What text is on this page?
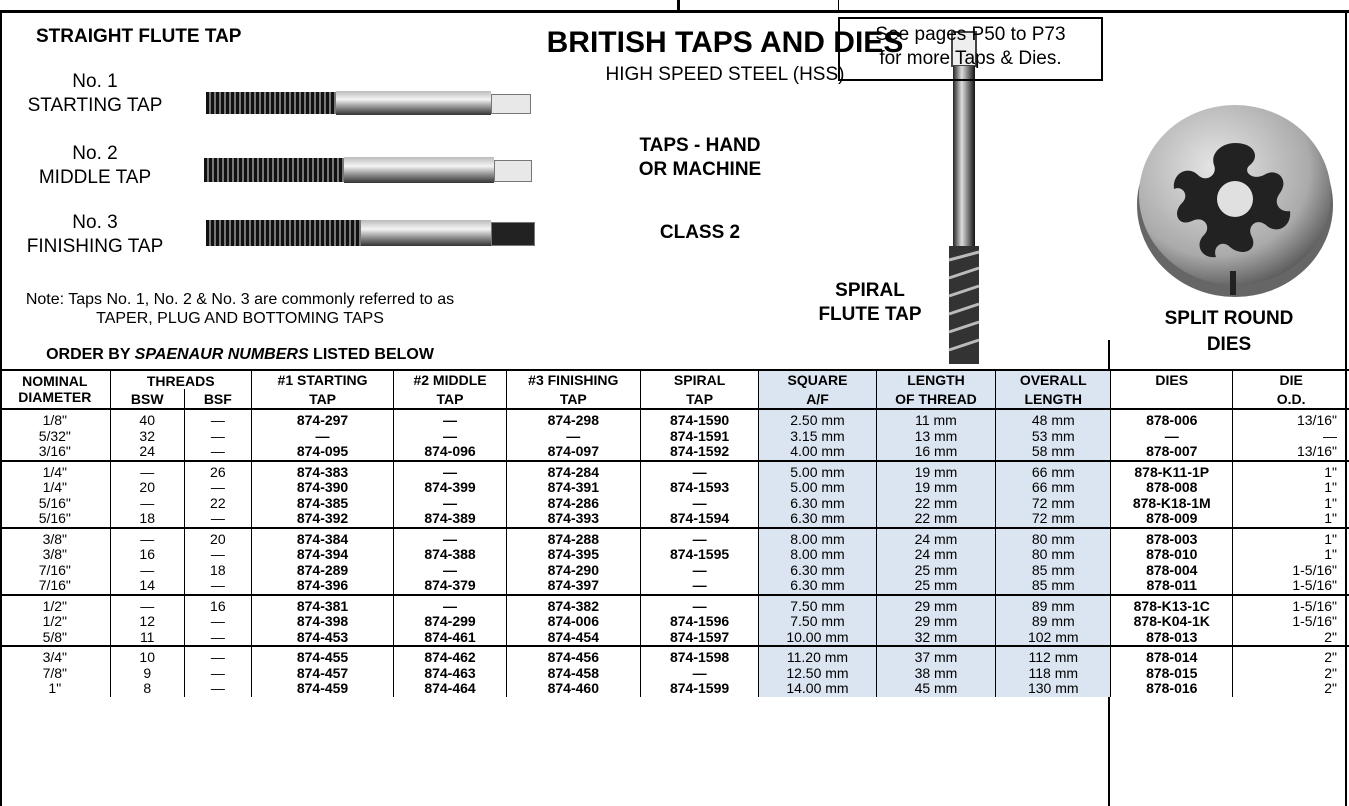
STRAIGHT FLUTE TAP	BRITISH TAPS AND DIES
HIGH SPEED STEEL (HSS)
No. 1
STARTING TAP
No. 2
MIDDLE TAP
No. 3
FINISHING TAP
TAPS - HAND
OR MACHINE
CLASS 2
See pages P50 to P73
for more Taps & Dies.
SPIRAL
FLUTE TAP	SPLIT ROUND
DIES
Note: Taps No. 1, No. 2 & No. 3 are commonly referred to as
TAPER, PLUG AND BOTTOMING TAPS
ORDER BY SPAENAUR NUMBERS LISTED BELOW
NOMINAL	THREADS		#1 STARTING	#2 MIDDLE	#3 FINISHING	SPIRAL	SQUARE	LENGTH	OVERALL	DIES	DIE
DIAMETER	BSW	BSF	TAP	TAP	TAP	TAP	A/F	OF THREAD	LENGTH		O.D.
1/8"	40	—	874-297	—	874-298	874-1590	2.50 mm	11 mm	48 mm	878-006	13/16"
5/32"	32	—	—	—	—	874-1591	3.15 mm	13 mm	53 mm	—	—
3/16"	24	—	874-095	874-096	874-097	874-1592	4.00 mm	16 mm	58 mm	878-007	13/16"
1/4"	—	26	874-383	—	874-284	—	5.00 mm	19 mm	66 mm	878-K11-1P	1"
1/4"	20	—	874-390	874-399	874-391	874-1593	5.00 mm	19 mm	66 mm	878-008	1"
5/16"	—	22	874-385	—	874-286	—	6.30 mm	22 mm	72 mm	878-K18-1M	1"
5/16"	18	—	874-392	874-389	874-393	874-1594	6.30 mm	22 mm	72 mm	878-009	1"
3/8"	—	20	874-384	—	874-288	—	8.00 mm	24 mm	80 mm	878-003	1"
3/8"	16	—	874-394	874-388	874-395	874-1595	8.00 mm	24 mm	80 mm	878-010	1"
7/16"	—	18	874-289	—	874-290	—	6.30 mm	25 mm	85 mm	878-004	1-5/16"
7/16"	14	—	874-396	874-379	874-397	—	6.30 mm	25 mm	85 mm	878-011	1-5/16"
1/2"	—	16	874-381	—	874-382	—	7.50 mm	29 mm	89 mm	878-K13-1C	1-5/16"
1/2"	12	—	874-398	874-299	874-006	874-1596	7.50 mm	29 mm	89 mm	878-K04-1K	1-5/16"
5/8"	11	—	874-453	874-461	874-454	874-1597	10.00 mm	32 mm	102 mm	878-013	2"
3/4"	10	—	874-455	874-462	874-456	874-1598	11.20 mm	37 mm	112 mm	878-014	2"
7/8"	9	—	874-457	874-463	874-458	—	12.50 mm	38 mm	118 mm	878-015	2"
1"	8	—	874-459	874-464	874-460	874-1599	14.00 mm	45 mm	130 mm	878-016	2"
